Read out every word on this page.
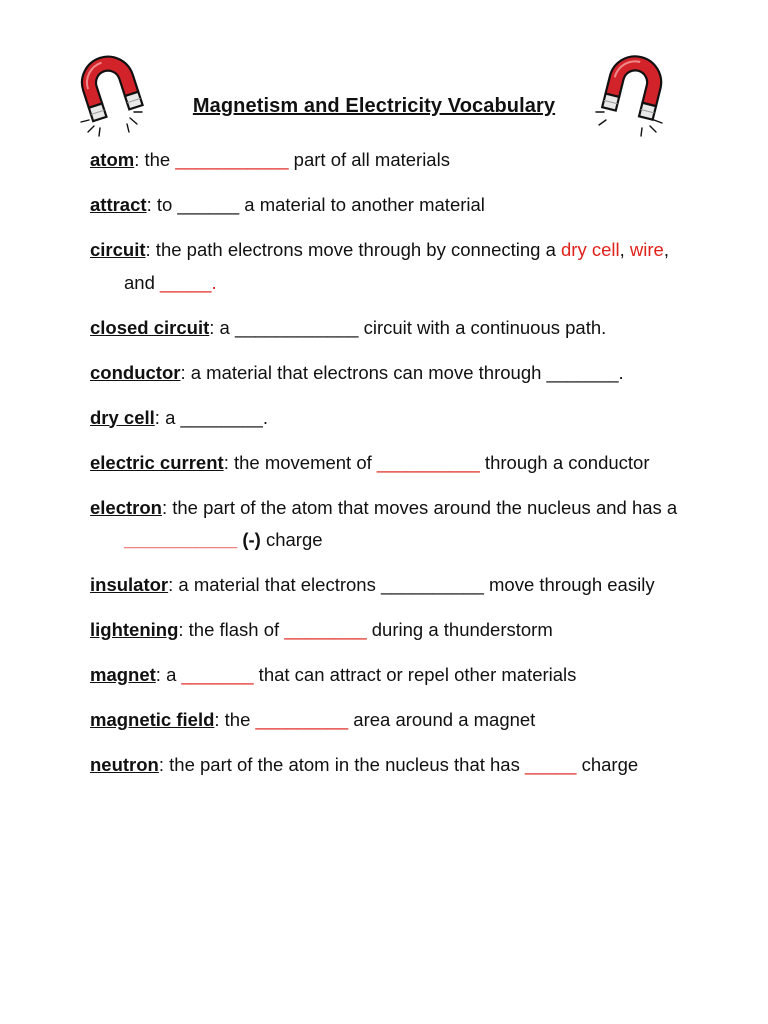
Magnetism and Electricity Vocabulary
atom: the ___________ part of all materials
attract: to ______ a material to another material
circuit: the path electrons move through by connecting a dry cell, wire, and _____.
closed circuit: a ____________ circuit with a continuous path.
conductor: a material that electrons can move through _______.
dry cell: a ________.
electric current: the movement of __________ through a conductor
electron: the part of the atom that moves around the nucleus and has a ___________ (-) charge
insulator: a material that electrons __________ move through easily
lightening: the flash of ________ during a thunderstorm
magnet: a _______ that can attract or repel other materials
magnetic field: the _________ area around a magnet
neutron: the part of the atom in the nucleus that has _____ charge
